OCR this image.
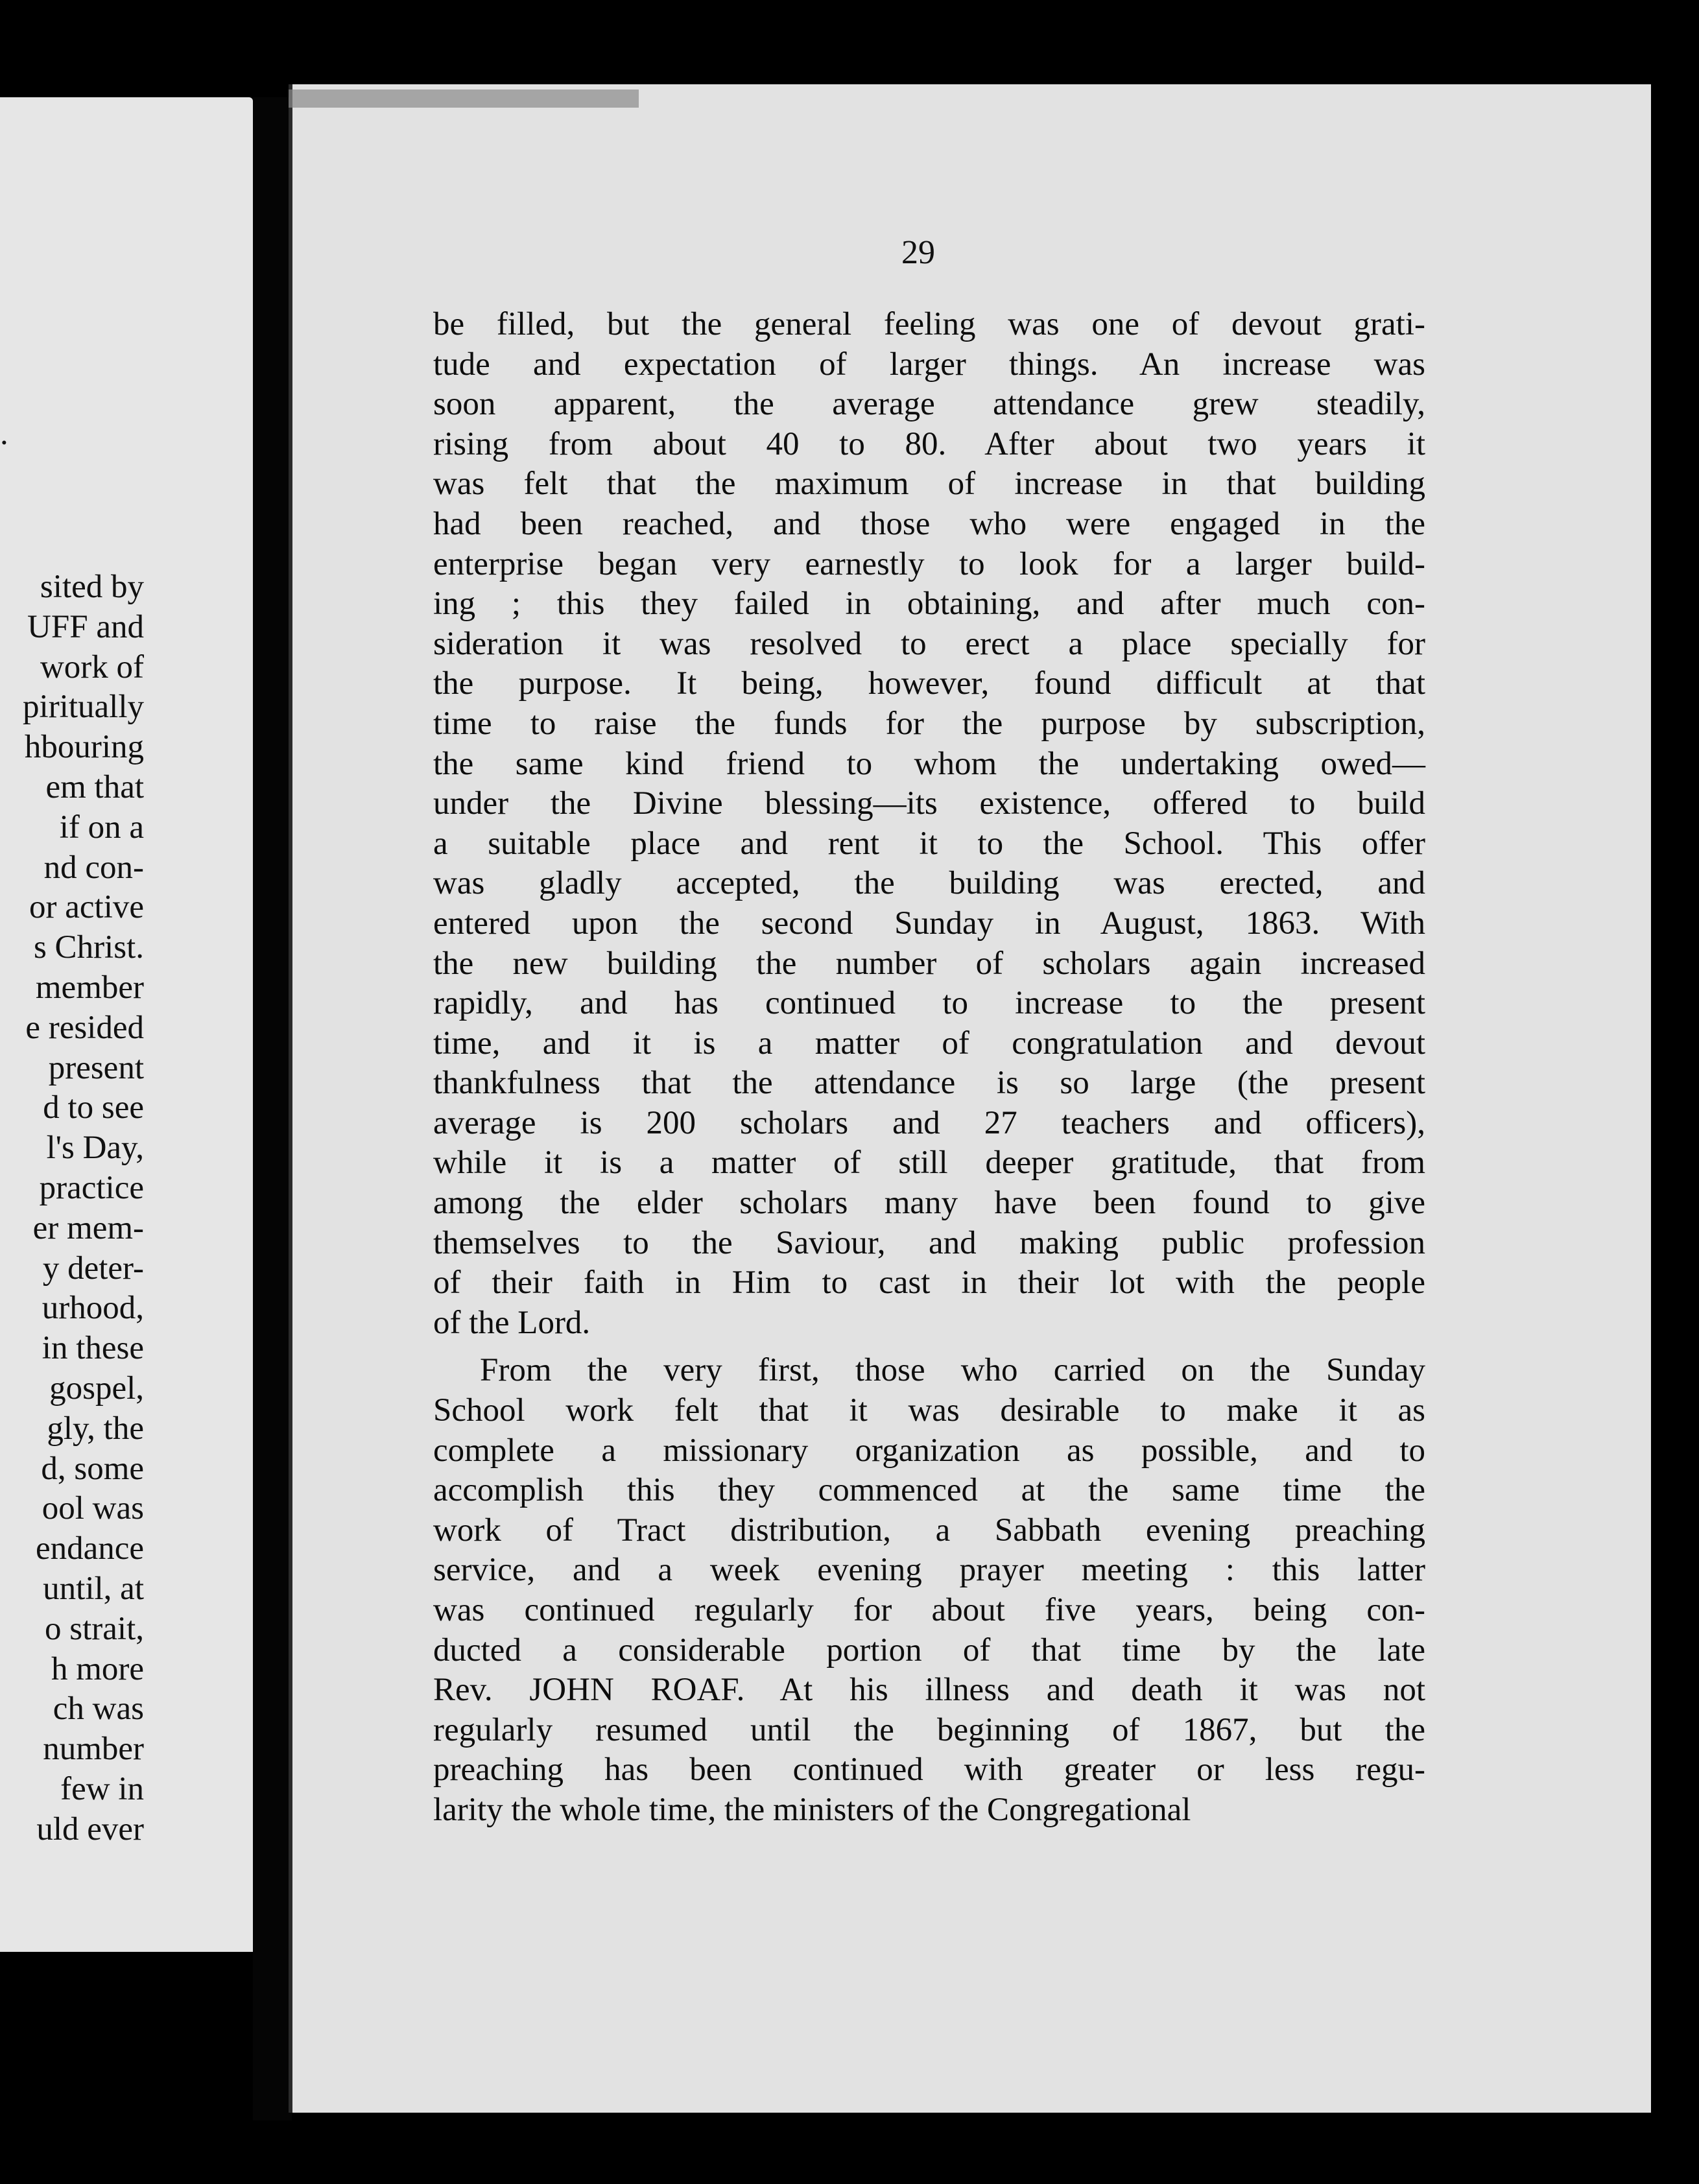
.
sited by
UFF and
work of
piritually
hbouring
em that
if on a
nd con-
or active
s Christ.
member
e resided
present
d to see
l's Day,
practice
er mem-
y deter-
urhood,
in these
gospel,
gly, the
d, some
ool was
endance
until, at
o strait,
h more
ch was
number
few in
uld ever
29
be filled, but the general feeling was one of devout grati-
tude and expectation of larger things. An increase was
soon apparent, the average attendance grew steadily,
rising from about 40 to 80. After about two years it
was felt that the maximum of increase in that building
had been reached, and those who were engaged in the
enterprise began very earnestly to look for a larger build-
ing ; this they failed in obtaining, and after much con-
sideration it was resolved to erect a place specially for
the purpose. It being, however, found difficult at that
time to raise the funds for the purpose by subscription,
the same kind friend to whom the undertaking owed—
under the Divine blessing—its existence, offered to build
a suitable place and rent it to the School. This offer
was gladly accepted, the building was erected, and
entered upon the second Sunday in August, 1863. With
the new building the number of scholars again increased
rapidly, and has continued to increase to the present
time, and it is a matter of congratulation and devout
thankfulness that the attendance is so large (the present
average is 200 scholars and 27 teachers and officers),
while it is a matter of still deeper gratitude, that from
among the elder scholars many have been found to give
themselves to the Saviour, and making public profession
of their faith in Him to cast in their lot with the people
of the Lord.
From the very first, those who carried on the Sunday
School work felt that it was desirable to make it as
complete a missionary organization as possible, and to
accomplish this they commenced at the same time the
work of Tract distribution, a Sabbath evening preaching
service, and a week evening prayer meeting : this latter
was continued regularly for about five years, being con-
ducted a considerable portion of that time by the late
Rev. JOHN ROAF. At his illness and death it was not
regularly resumed until the beginning of 1867, but the
preaching has been continued with greater or less regu-
larity the whole time, the ministers of the Congregational
